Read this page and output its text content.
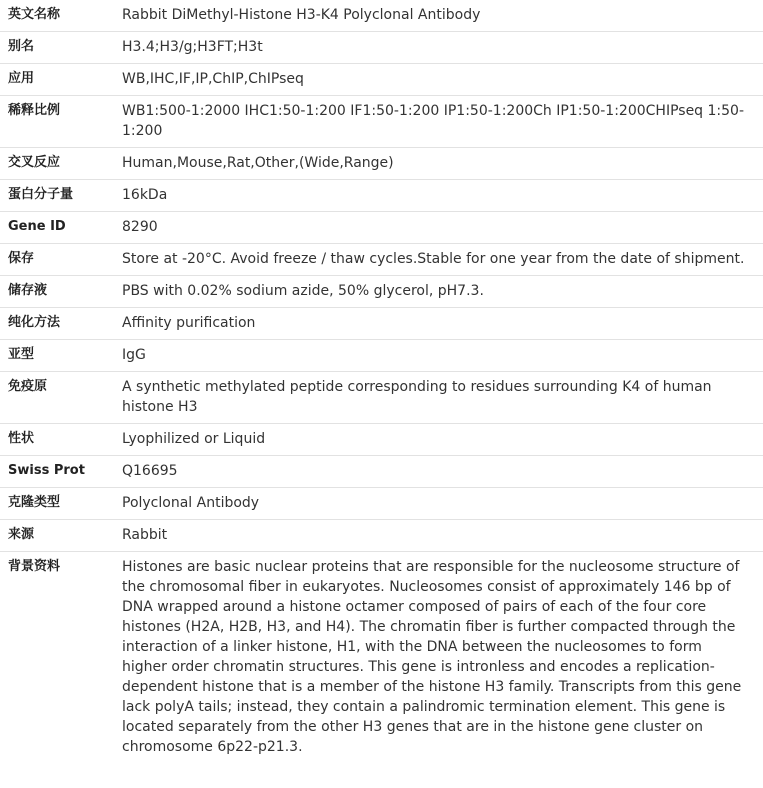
英文名称	Rabbit DiMethyl-Histone H3-K4 Polyclonal Antibody
别名	H3.4;H3/g;H3FT;H3t
应用	WB,IHC,IF,IP,ChIP,ChIPseq
稀释比例	WB1:500-1:2000 IHC1:50-1:200 IF1:50-1:200 IP1:50-1:200Ch IP1:50-1:200CHIPseq 1:50-1:200
交叉反应	Human,Mouse,Rat,Other,(Wide,Range)
蛋白分子量	16kDa
Gene ID	8290
保存	Store at -20°C. Avoid freeze / thaw cycles.Stable for one year from the date of shipment.
储存液	PBS with 0.02% sodium azide, 50% glycerol, pH7.3.
纯化方法	Affinity purification
亚型	IgG
免疫原	A synthetic methylated peptide corresponding to residues surrounding K4 of human histone H3
性状	Lyophilized or Liquid
Swiss Prot	Q16695
克隆类型	Polyclonal Antibody
来源	Rabbit
背景资料	Histones are basic nuclear proteins that are responsible for the nucleosome structure of the chromosomal fiber in eukaryotes. Nucleosomes consist of approximately 146 bp of DNA wrapped around a histone octamer composed of pairs of each of the four core histones (H2A, H2B, H3, and H4). The chromatin fiber is further compacted through the interaction of a linker histone, H1, with the DNA between the nucleosomes to form higher order chromatin structures. This gene is intronless and encodes a replication-dependent histone that is a member of the histone H3 family. Transcripts from this gene lack polyA tails; instead, they contain a palindromic termination element. This gene is located separately from the other H3 genes that are in the histone gene cluster on chromosome 6p22-p21.3.
